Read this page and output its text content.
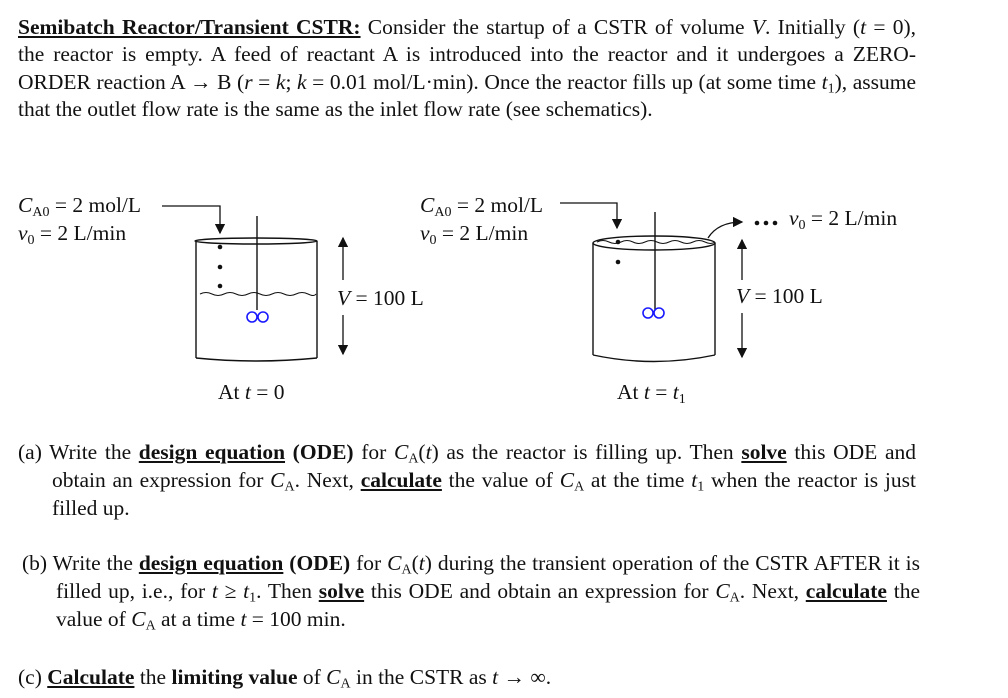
Semibatch Reactor/Transient CSTR: Consider the startup of a CSTR of volume V. Initially (t = 0), the reactor is empty. A feed of reactant A is introduced into the reactor and it undergoes a ZERO-ORDER reaction A → B (r = k; k = 0.01 mol/L·min). Once the reactor fills up (at some time $t_1$), assume that the outlet flow rate is the same as the inlet flow rate (see schematics).

CA0 = 2 mol/L
v0 = 2 L/min
V = 100 L
At t = 0
CA0 = 2 mol/L
v0 = 2 L/min
v0 = 2 L/min
V = 100 L
At t = t1

(a) Write the design equation (ODE) for $C_A(t)$ as the reactor is filling up. Then solve this ODE and obtain an expression for $C_A$. Next, calculate the value of $C_A$ at the time $t_1$ when the reactor is just filled up.

(b) Write the design equation (ODE) for $C_A(t)$ during the transient operation of the CSTR AFTER it is filled up, i.e., for $t \ge t_1$. Then solve this ODE and obtain an expression for $C_A$. Next, calculate the value of $C_A$ at a time t = 100 min.

(c) Calculate the limiting value of $C_A$ in the CSTR as t → ∞.
